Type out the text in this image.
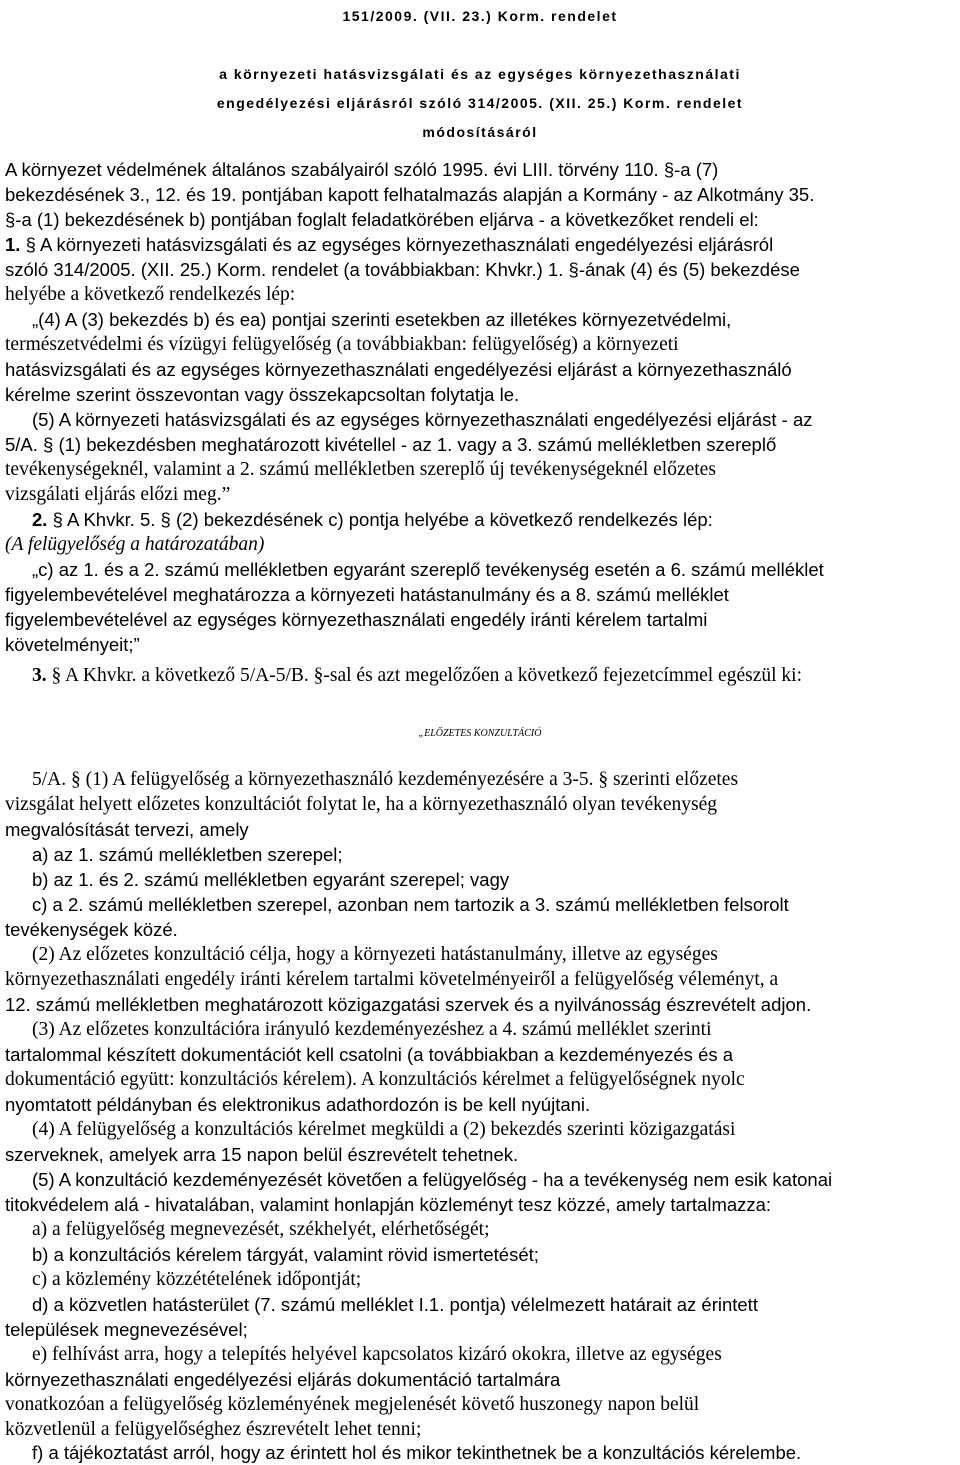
151/2009. (VII. 23.) Korm. rendelet
a környezeti hatásvizsgálati és az egységes környezethasználati
engedélyezési eljárásról szóló 314/2005. (XII. 25.) Korm. rendelet
módosításáról
A környezet védelmének általános szabályairól szóló 1995. évi LIII. törvény 110. §-a (7)
bekezdésének 3., 12. és 19. pontjában kapott felhatalmazás alapján a Kormány - az Alkotmány 35.
§-a (1) bekezdésének b) pontjában foglalt feladatkörében eljárva - a következőket rendeli el:
1. § A környezeti hatásvizsgálati és az egységes környezethasználati engedélyezési eljárásról
szóló 314/2005. (XII. 25.) Korm. rendelet (a továbbiakban: Khvkr.) 1. §-ának (4) és (5) bekezdése
helyébe a következő rendelkezés lép:
„(4) A (3) bekezdés b) és ea) pontjai szerinti esetekben az illetékes környezetvédelmi,
természetvédelmi és vízügyi felügyelőség (a továbbiakban: felügyelőség) a környezeti
hatásvizsgálati és az egységes környezethasználati engedélyezési eljárást a környezethasználó
kérelme szerint összevontan vagy összekapcsoltan folytatja le.
(5) A környezeti hatásvizsgálati és az egységes környezethasználati engedélyezési eljárást - az
5/A. § (1) bekezdésben meghatározott kivétellel - az 1. vagy a 3. számú mellékletben szereplő
tevékenységeknél, valamint a 2. számú mellékletben szereplő új tevékenységeknél előzetes
vizsgálati eljárás előzi meg.”
2. § A Khvkr. 5. § (2) bekezdésének c) pontja helyébe a következő rendelkezés lép:
(A felügyelőség a határozatában)
„c) az 1. és a 2. számú mellékletben egyaránt szereplő tevékenység esetén a 6. számú melléklet
figyelembevételével meghatározza a környezeti hatástanulmány és a 8. számú melléklet
figyelembevételével az egységes környezethasználati engedély iránti kérelem tartalmi
követelményeit;”
3. § A Khvkr. a következő 5/A-5/B. §-sal és azt megelőzően a következő fejezetcímmel egészül ki:
„ELŐZETES KONZULTÁCIÓ
5/A. § (1) A felügyelőség a környezethasználó kezdeményezésére a 3-5. § szerinti előzetes
vizsgálat helyett előzetes konzultációt folytat le, ha a környezethasználó olyan tevékenység
megvalósítását tervezi, amely
a) az 1. számú mellékletben szerepel;
b) az 1. és 2. számú mellékletben egyaránt szerepel; vagy
c) a 2. számú mellékletben szerepel, azonban nem tartozik a 3. számú mellékletben felsorolt
tevékenységek közé.
(2) Az előzetes konzultáció célja, hogy a környezeti hatástanulmány, illetve az egységes
környezethasználati engedély iránti kérelem tartalmi követelményeiről a felügyelőség véleményt, a
12. számú mellékletben meghatározott közigazgatási szervek és a nyilvánosság észrevételt adjon.
(3) Az előzetes konzultációra irányuló kezdeményezéshez a 4. számú melléklet szerinti
tartalommal készített dokumentációt kell csatolni (a továbbiakban a kezdeményezés és a
dokumentáció együtt: konzultációs kérelem). A konzultációs kérelmet a felügyelőségnek nyolc
nyomtatott példányban és elektronikus adathordozón is be kell nyújtani.
(4) A felügyelőség a konzultációs kérelmet megküldi a (2) bekezdés szerinti közigazgatási
szerveknek, amelyek arra 15 napon belül észrevételt tehetnek.
(5) A konzultáció kezdeményezését követően a felügyelőség - ha a tevékenység nem esik katonai
titokvédelem alá - hivatalában, valamint honlapján közleményt tesz közzé, amely tartalmazza:
a) a felügyelőség megnevezését, székhelyét, elérhetőségét;
b) a konzultációs kérelem tárgyát, valamint rövid ismertetését;
c) a közlemény közzétételének időpontját;
d) a közvetlen hatásterület (7. számú melléklet I.1. pontja) vélelmezett határait az érintett
települések megnevezésével;
e) felhívást arra, hogy a telepítés helyével kapcsolatos kizáró okokra, illetve az egységes
környezethasználati engedélyezési eljárás dokumentáció tartalmára
vonatkozóan a felügyelőség közleményének megjelenését követő huszonegy napon belül
közvetlenül a felügyelőséghez észrevételt lehet tenni;
f) a tájékoztatást arról, hogy az érintett hol és mikor tekinthetnek be a konzultációs kérelembe.
